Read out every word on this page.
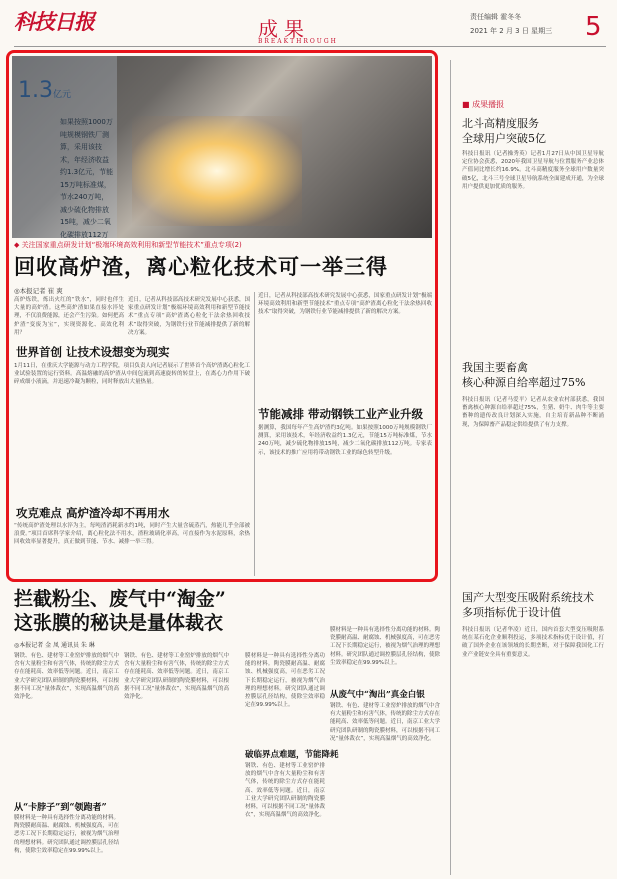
科技日报	成果
BREAKTHROUGH
责任编辑 霍冬冬
2021 年 2 月 3 日 星期三 5
1.3亿元
如果按照1000万吨规模钢铁厂测算，采用该技术，年经济收益约1.3亿元，节能15万吨标准煤，节水240万吨，减少硫化物排放15吨，减少二氧化碳排放112万
◆ 关注国家重点研发计划“极端环境高效利用和新型节能技术”重点专项(2)
回收高炉渣，离心粒化技术可一举三得
◎本报记者 崔 爽
高炉炼铁，炼出火红的“铁水”，同时也伴生大量的高炉渣。这些高炉渣如果直接水淬处理，不仅浪费能源，还会产生污染。如何把高炉渣“变废为宝”，实现资源化、高效化利用？
近日，记者从科技部高技术研究发展中心获悉，国家重点研发计划“极端环境高效利用和新型节能技术”重点专项“高炉渣离心粒化干法余热回收技术”取得突破，为钢铁行业节能减排提供了新的解决方案。
世界首创 让技术设想变为现实
1月11日，在重庆大学能源与动力工程学院，项目负责人向记者展示了世界首个高炉渣离心粒化工业试验装置的运行资料。高温熔融的高炉渣从中间包流到高速旋转的转盘上，在离心力作用下破碎成细小液滴，并迅速冷凝为颗粒，同时释放出大量热量。
攻克难点 高炉渣冷却不再用水
“传统高炉渣处理以水淬为主，每吨渣消耗新水约1吨，同时产生大量含硫蒸汽，热能几乎全部被浪费。”项目首席科学家介绍，离心粒化法不用水，渣粒玻璃化率高，可直接作为水泥原料，余热回收效率显著提升，真正做到节能、节水、减排一举三得。
近日，记者从科技部高技术研究发展中心获悉，国家重点研发计划“极端环境高效利用和新型节能技术”重点专项“高炉渣离心粒化干法余热回收技术”取得突破，为钢铁行业节能减排提供了新的解决方案。
节能减排 带动钢铁工业产业升级
据测算，我国每年产生高炉渣约3亿吨。如果按照1000万吨规模钢铁厂测算，采用该技术，年经济收益约1.3亿元，节能15万吨标准煤，节水240万吨，减少硫化物排放15吨，减少二氧化碳排放112万吨。专家表示，该技术的推广应用将带动钢铁工业的绿色转型升级。
拦截粉尘、废气中“淘金”
这张膜的秘诀是量体裁衣
◎本报记者 金 凤 通讯员 朱 琳
钢铁、有色、建材等工业窑炉排放的烟气中含有大量粉尘和有害气体，传统的除尘方式存在能耗高、效率低等问题。近日，南京工业大学研究团队研制的陶瓷膜材料，可以根据不同工况“量体裁衣”，实现高温烟气的高效净化。
从“卡脖子”到“领跑者”
膜材料是一种具有选择性分离功能的材料。陶瓷膜耐高温、耐腐蚀、机械强度高，可在恶劣工况下长期稳定运行，被视为烟气治理的理想材料。研究团队通过调控膜层孔径结构，使除尘效率稳定在99.99%以上。
钢铁、有色、建材等工业窑炉排放的烟气中含有大量粉尘和有害气体，传统的除尘方式存在能耗高、效率低等问题。近日，南京工业大学研究团队研制的陶瓷膜材料，可以根据不同工况“量体裁衣”，实现高温烟气的高效净化。
膜材料是一种具有选择性分离功能的材料。陶瓷膜耐高温、耐腐蚀、机械强度高，可在恶劣工况下长期稳定运行，被视为烟气治理的理想材料。研究团队通过调控膜层孔径结构，使除尘效率稳定在99.99%以上。
破临界点难题，节能降耗
钢铁、有色、建材等工业窑炉排放的烟气中含有大量粉尘和有害气体，传统的除尘方式存在能耗高、效率低等问题。近日，南京工业大学研究团队研制的陶瓷膜材料，可以根据不同工况“量体裁衣”，实现高温烟气的高效净化。
膜材料是一种具有选择性分离功能的材料。陶瓷膜耐高温、耐腐蚀、机械强度高，可在恶劣工况下长期稳定运行，被视为烟气治理的理想材料。研究团队通过调控膜层孔径结构，使除尘效率稳定在99.99%以上。
从废气中“淘出”真金白银
钢铁、有色、建材等工业窑炉排放的烟气中含有大量粉尘和有害气体，传统的除尘方式存在能耗高、效率低等问题。近日，南京工业大学研究团队研制的陶瓷膜材料，可以根据不同工况“量体裁衣”，实现高温烟气的高效净化。
■ 成果播报
北斗高精度服务
全球用户突破5亿
科技日报讯（记者操秀英）记者1月27日从中国卫星导航定位协会获悉，2020年我国卫星导航与位置服务产业总体产值同比增长约16.9%。北斗高精度服务全球用户数量突破5亿，北斗三号全球卫星导航系统全面建成开通，为全球用户提供更加优质的服务。
我国主要畜禽
核心种源自给率超过75%
科技日报讯（记者马爱平）记者从农业农村部获悉，我国畜禽核心种源自给率超过75%，生猪、奶牛、肉牛等主要畜种的遗传改良计划深入实施，自主培育新品种不断涌现，为保障畜产品稳定供给提供了有力支撑。
国产大型变压吸附系统技术
多项指标优于设计值
科技日报讯（记者华凌）近日，国内首套大型变压吸附系统在某石化企业顺利投运，多项技术指标优于设计值，打破了国外企业在该领域的长期垄断，对于保障我国化工行业产业链安全具有重要意义。
